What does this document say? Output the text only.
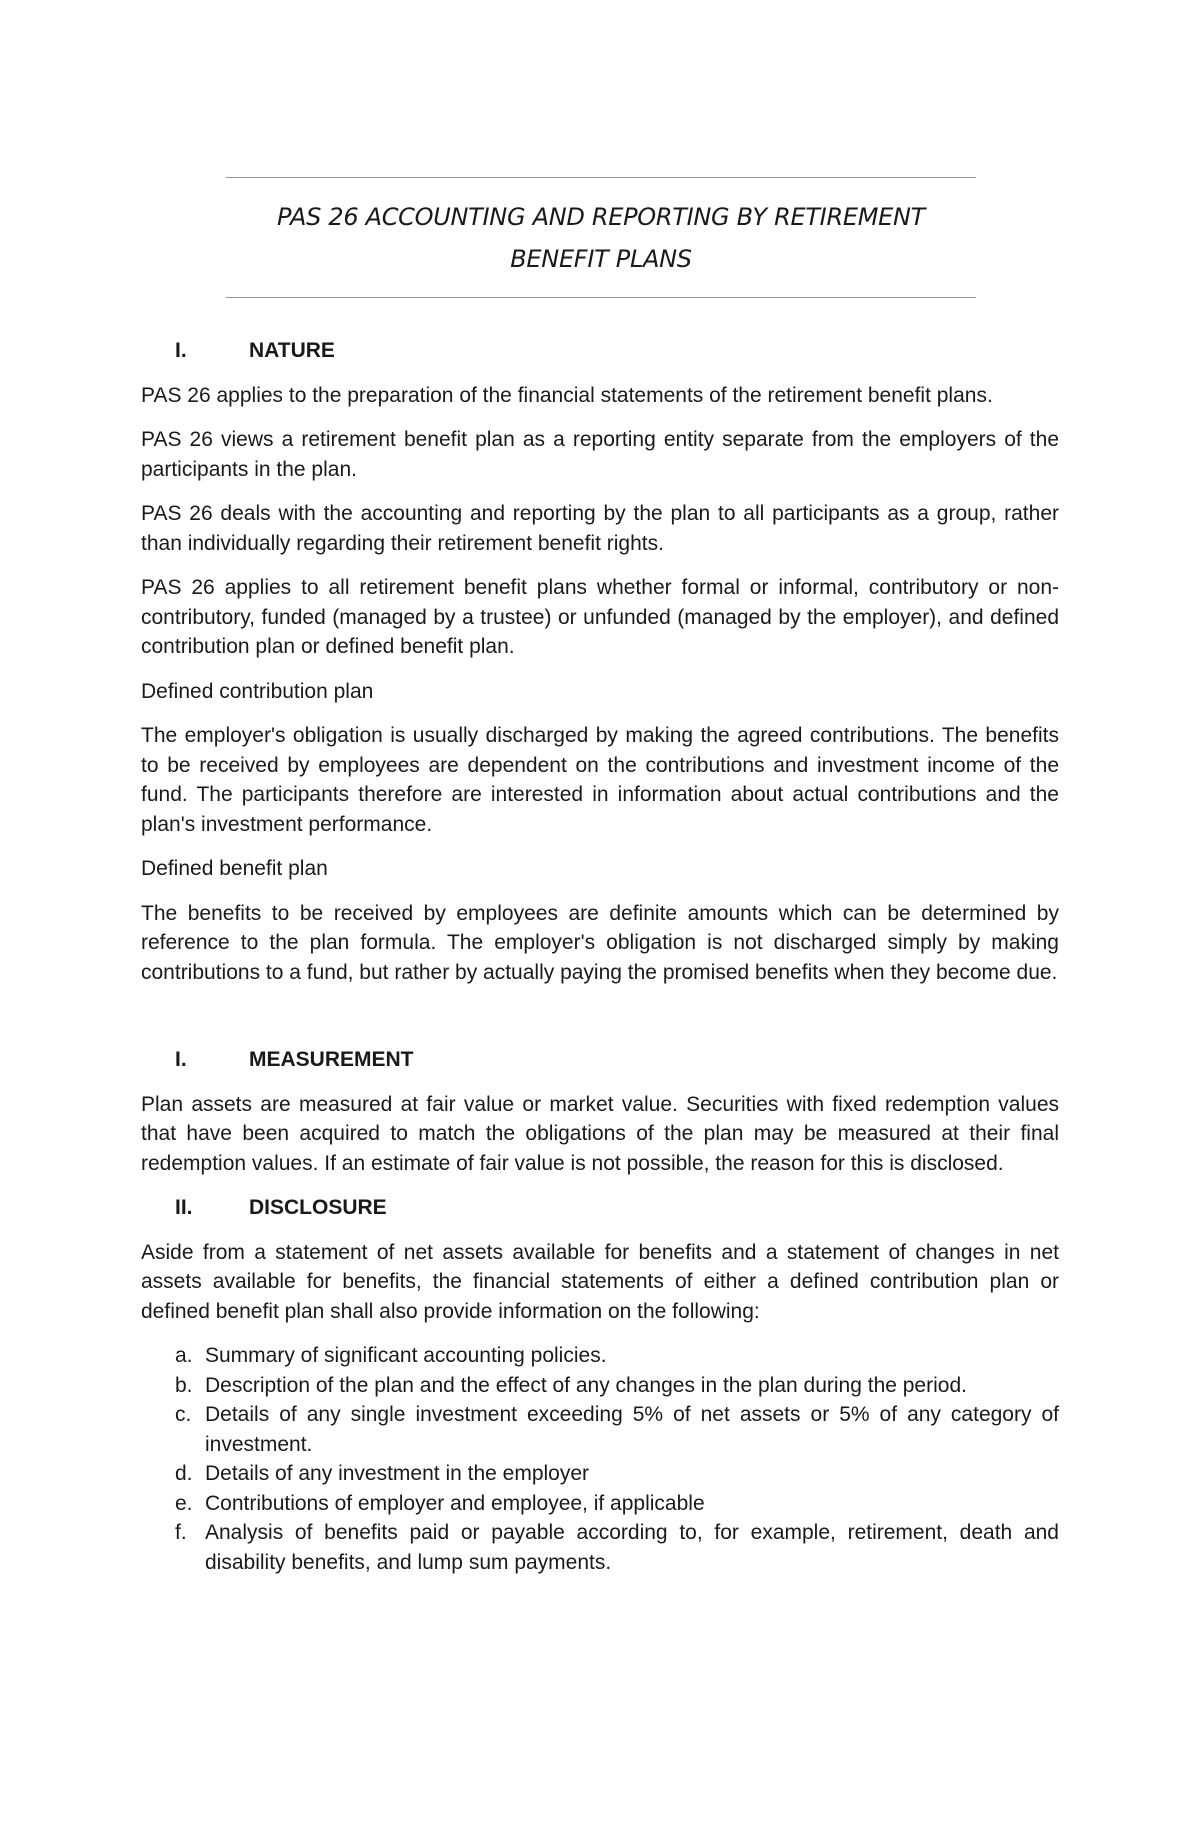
PAS 26 ACCOUNTING AND REPORTING BY RETIREMENT
BENEFIT PLANS
I.	NATURE

PAS 26 applies to the preparation of the financial statements of the retirement benefit plans.

PAS 26 views a retirement benefit plan as a reporting entity separate from the employers of the participants in the plan.

PAS 26 deals with the accounting and reporting by the plan to all participants as a group, rather than individually regarding their retirement benefit rights.

PAS 26 applies to all retirement benefit plans whether formal or informal, contributory or non-contributory, funded (managed by a trustee) or unfunded (managed by the employer), and defined contribution plan or defined benefit plan.

Defined contribution plan

The employer's obligation is usually discharged by making the agreed contributions. The benefits to be received by employees are dependent on the contributions and investment income of the fund. The participants therefore are interested in information about actual contributions and the plan's investment performance.

Defined benefit plan

The benefits to be received by employees are definite amounts which can be determined by reference to the plan formula. The employer's obligation is not discharged simply by making contributions to a fund, but rather by actually paying the promised benefits when they become due.

I.	MEASUREMENT

Plan assets are measured at fair value or market value. Securities with fixed redemption values that have been acquired to match the obligations of the plan may be measured at their final redemption values. If an estimate of fair value is not possible, the reason for this is disclosed.

II.	DISCLOSURE

Aside from a statement of net assets available for benefits and a statement of changes in net assets available for benefits, the financial statements of either a defined contribution plan or defined benefit plan shall also provide information on the following:

a. Summary of significant accounting policies.
b. Description of the plan and the effect of any changes in the plan during the period.
c. Details of any single investment exceeding 5% of net assets or 5% of any category of investment.
d. Details of any investment in the employer
e. Contributions of employer and employee, if applicable
f. Analysis of benefits paid or payable according to, for example, retirement, death and disability benefits, and lump sum payments.
